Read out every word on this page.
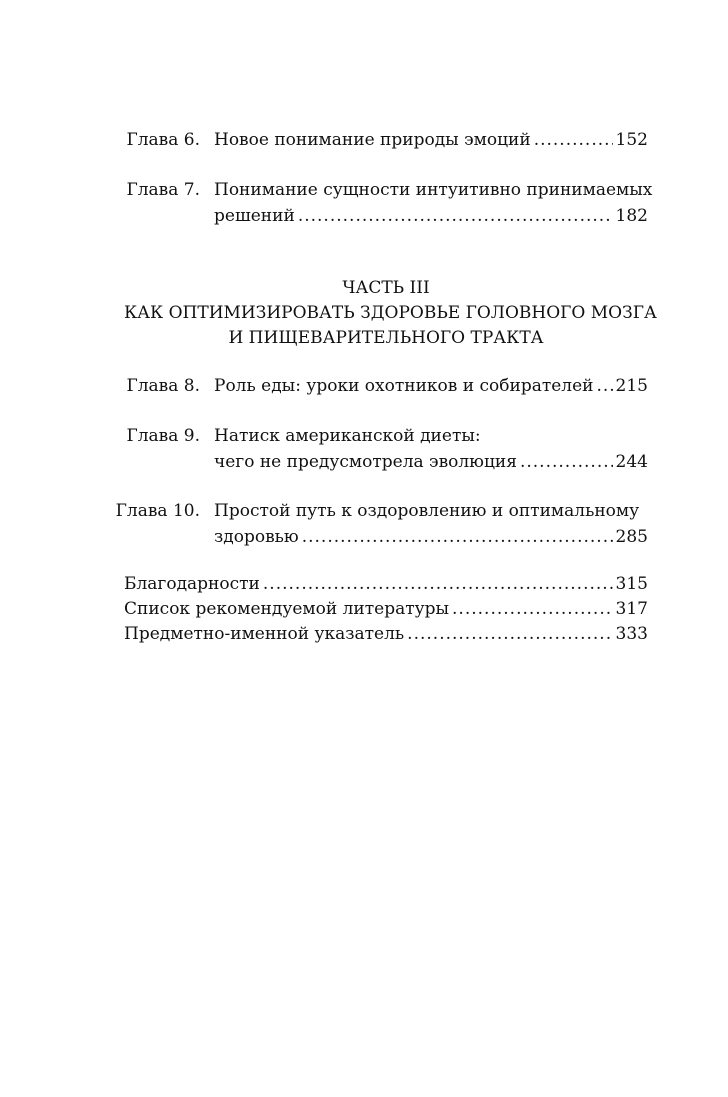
Глава 6. Новое понимание природы эмоций .....	152
Глава 7. Понимание сущности интуитивно принимаемых
решений .....	182
ЧАСТЬ III
КАК ОПТИМИЗИРОВАТЬ ЗДОРОВЬЕ ГОЛОВНОГО МОЗГА
И ПИЩЕВАРИТЕЛЬНОГО ТРАКТА
Глава 8. Роль еды: уроки охотников и собирателей ..... 215
Глава 9. Натиск американской диеты:
чего не предусмотрела эволюция .....	244
Глава 10. Простой путь к оздоровлению и оптимальному
здоровью .....	285
Благодарности .....	315
Список рекомендуемой литературы .....	317
Предметно-именной указатель .....	333
